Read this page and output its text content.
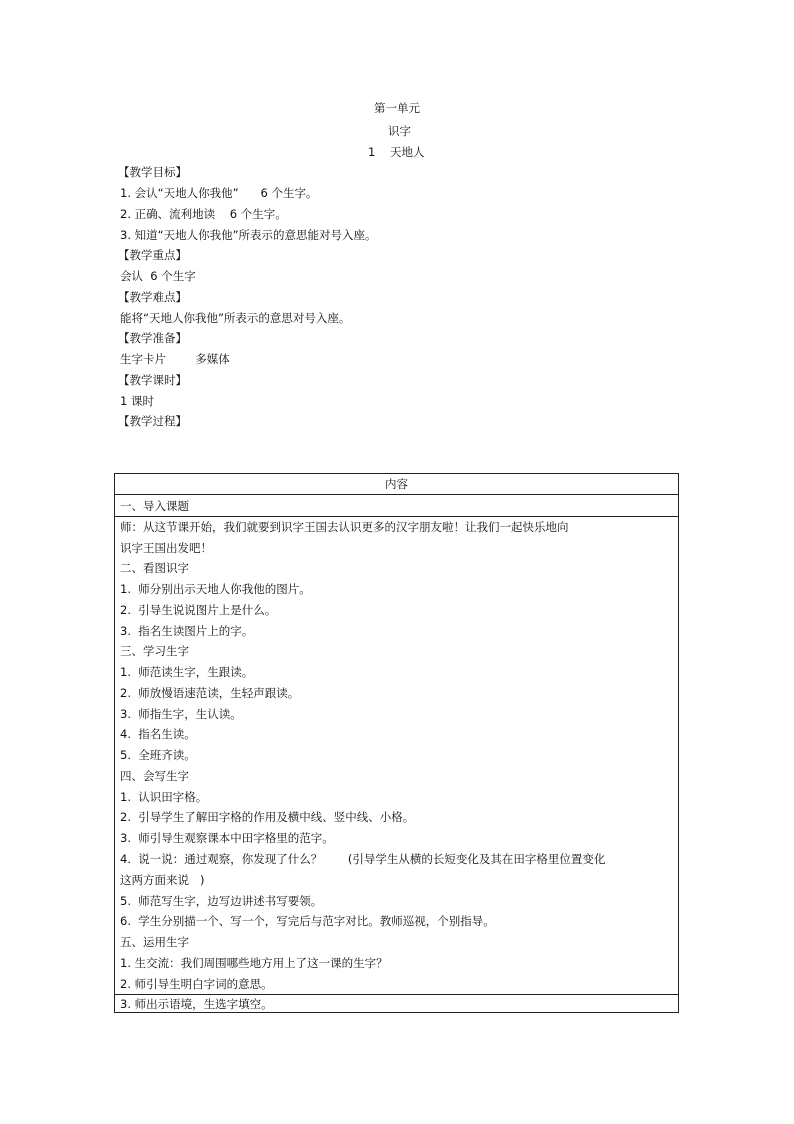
第一单元
识字
1    天地人
【教学目标】
1. 会认“天地人你我他”      6 个生字。
2. 正确、流利地读    6 个生字。
3. 知道“天地人你我他”所表示的意思能对号入座。
【教学重点】
会认  6 个生字
【教学难点】
能将“天地人你我他”所表示的意思对号入座。
【教学准备】
生字卡片        多媒体
【教学课时】
1 课时
【教学过程】
内容
一、导入课题
师：从这节课开始，我们就要到识字王国去认识更多的汉字朋友啦！让我们一起快乐地向
识字王国出发吧！
二、看图识字
1.  师分别出示天地人你我他的图片。
2.  引导生说说图片上是什么。
3.  指名生读图片上的字。
三、学习生字
1.  师范读生字，生跟读。
2.  师放慢语速范读，生轻声跟读。
3.  师指生字，生认读。
4.  指名生读。
5.  全班齐读。
四、会写生字
1.  认识田字格。
2.  引导学生了解田字格的作用及横中线、竖中线、小格。
3.  师引导生观察课本中田字格里的范字。
4.  说一说：通过观察，你发现了什么？       (引导学生从横的长短变化及其在田字格里位置变化
这两方面来说   )
5.  师范写生字，边写边讲述书写要领。
6.  学生分别描一个、写一个，写完后与范字对比。教师巡视，个别指导。
五、运用生字
1. 生交流：我们周围哪些地方用上了这一课的生字？
2. 师引导生明白字词的意思。
3. 师出示语境，生选字填空。
